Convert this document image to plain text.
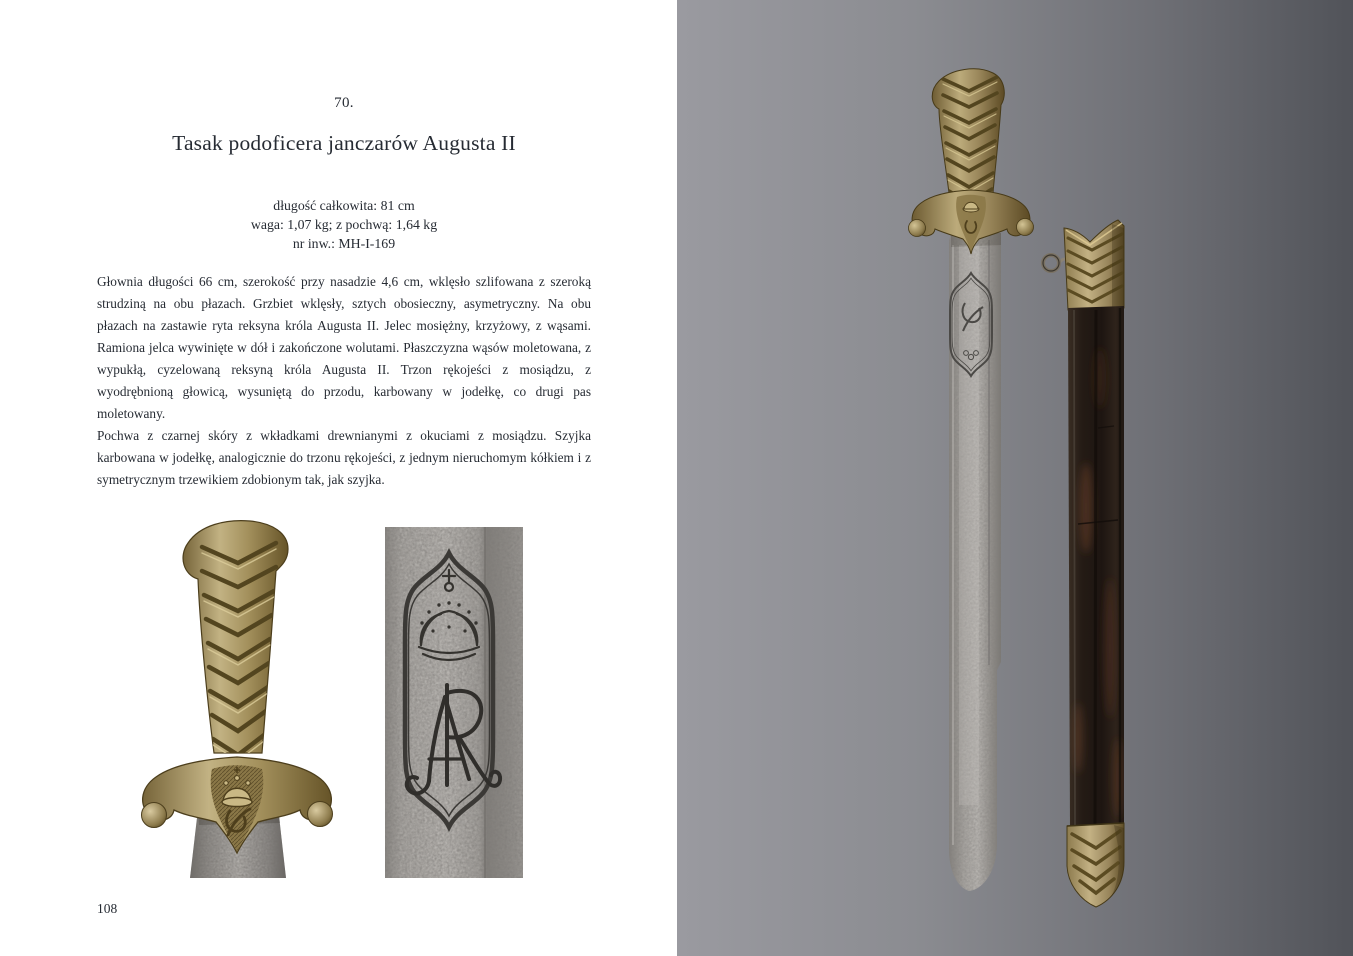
70.
Tasak podoficera janczarów Augusta II
długość całkowita: 81 cm
waga: 1,07 kg; z pochwą: 1,64 kg
nr inw.: MH-I-169

Głownia długości 66 cm, szerokość przy nasadzie 4,6 cm, wklęsło szlifowana z szeroką strudziną na obu płazach. Grzbiet wklęsły, sztych obosieczny, asymetryczny. Na obu płazach na zastawie ryta reksyna króla Augusta II. Jelec mosiężny, krzyżowy, z wąsami. Ramiona jelca wywinięte w dół i zakończone wolutami. Płaszczyzna wąsów moletowana, z wypukłą, cyzelowaną reksyną króla Augusta II. Trzon rękojeści z mosiądzu, z wyodrębnioną głowicą, wysuniętą do przodu, karbowany w jodełkę, co drugi pas moletowany.

Pochwa z czarnej skóry z wkładkami drewnianymi z okuciami z mosiądzu. Szyjka karbowana w jodełkę, analogicznie do trzonu rękojeści, z jednym nieruchomym kółkiem i z symetrycznym trzewikiem zdobionym tak, jak szyjka.

108
